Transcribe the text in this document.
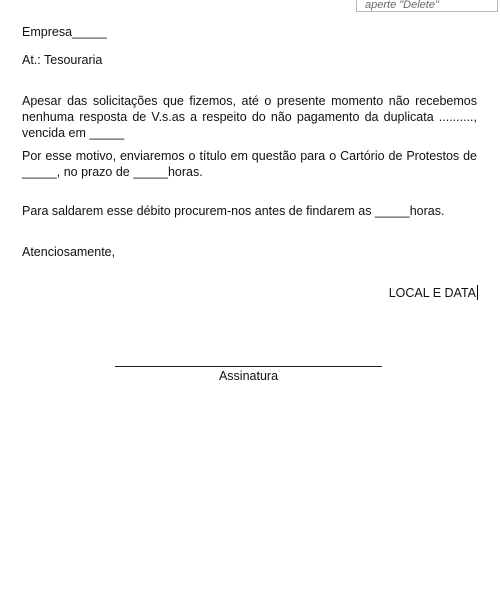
aperte "Delete"
Empresa_____
At.: Tesouraria
Apesar das solicitações que fizemos, até o presente momento não recebemos nenhuma resposta de V.s.as a respeito do não pagamento da duplicata .........., vencida em _____
Por esse motivo, enviaremos o título em questão para o Cartório de Protestos de _____, no prazo de _____horas.
Para saldarem esse débito procurem-nos antes de findarem as _____horas.
Atenciosamente,
LOCAL E DATA
Assinatura
